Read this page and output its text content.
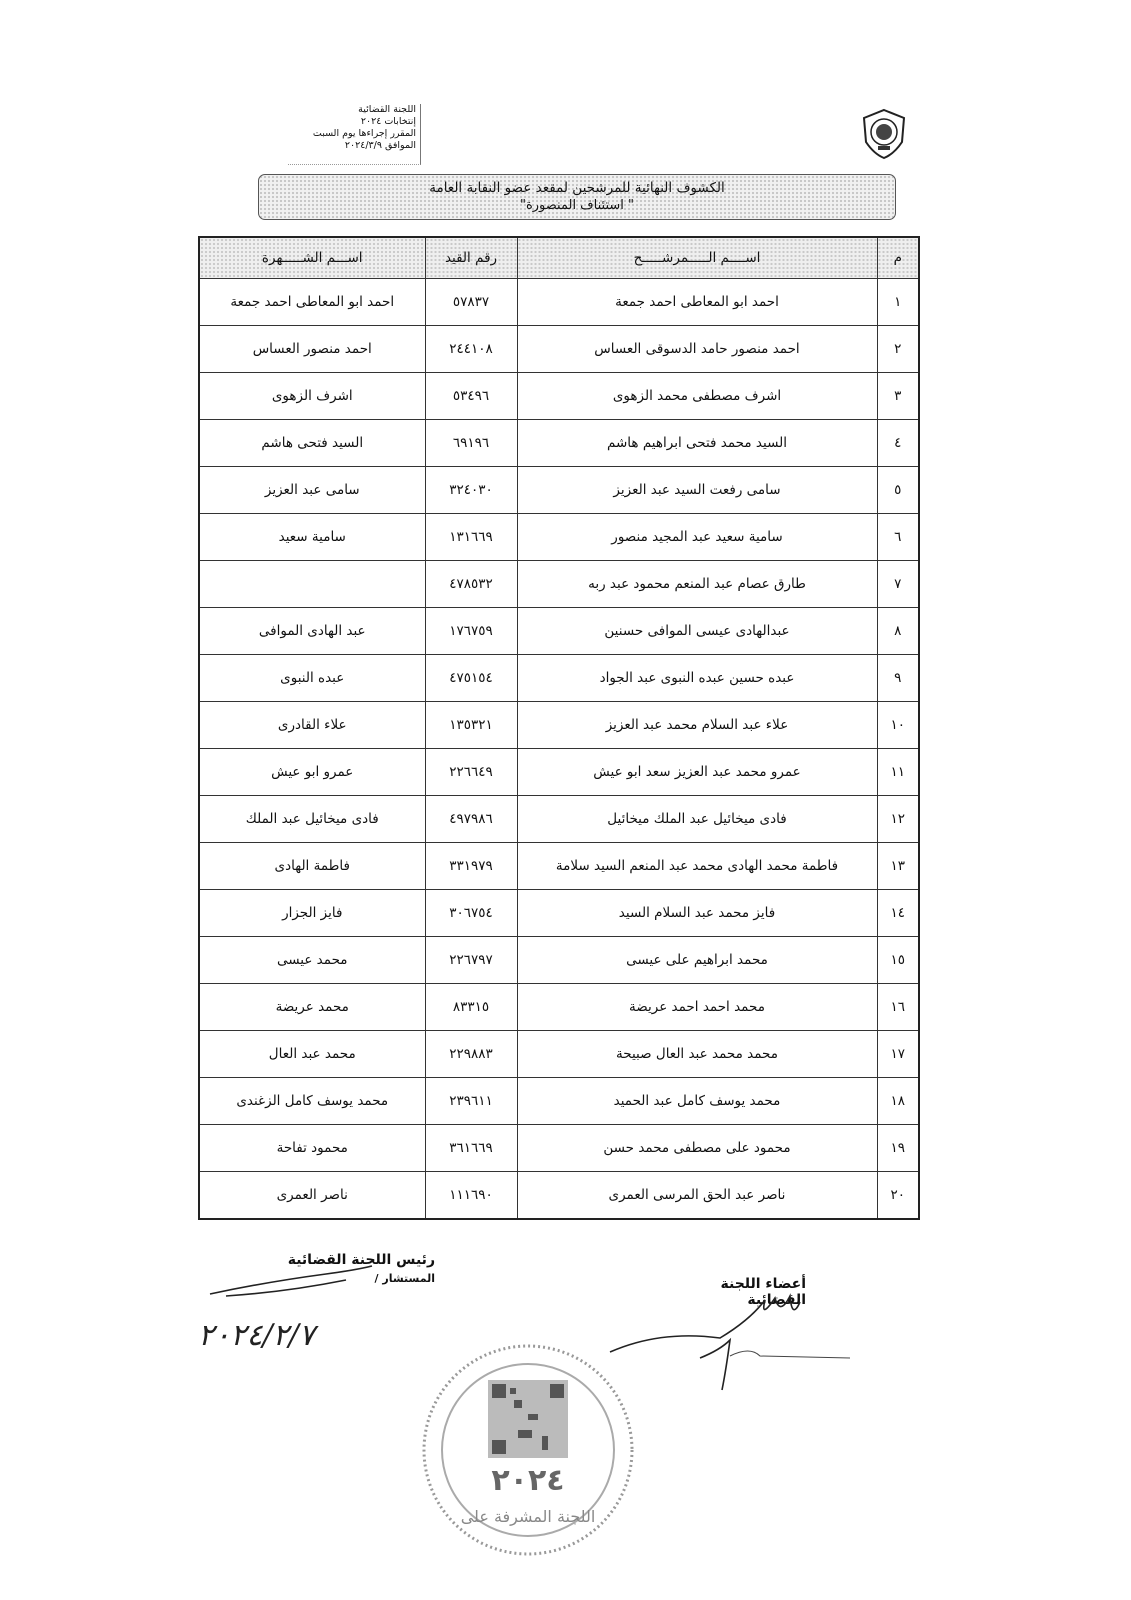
اللجنة القضائية
إنتخابات ٢٠٢٤
المقرر إجراءها يوم السبت
الموافق ٢٠٢٤/٣/٩
الكشوف النهائية للمرشحين لمقعد عضو النقابة العامة
" استئناف المنصورة"
م	اســــم الـــــمرشـــــح	رقم القيد	اســـم الشـــــهرة
١	احمد ابو المعاطى احمد جمعة	٥٧٨٣٧	احمد ابو المعاطى احمد جمعة
٢	احمد منصور حامد الدسوقى العساس	٢٤٤١٠٨	احمد منصور العساس
٣	اشرف مصطفى محمد الزهوى	٥٣٤٩٦	اشرف الزهوى
٤	السيد محمد فتحى ابراهيم هاشم	٦٩١٩٦	السيد فتحى هاشم
٥	سامى رفعت السيد عبد العزيز	٣٢٤٠٣٠	سامى عبد العزيز
٦	سامية سعيد عبد المجيد منصور	١٣١٦٦٩	سامية سعيد
٧	طارق عصام عبد المنعم محمود عبد ربه	٤٧٨٥٣٢	
٨	عبدالهادى عيسى الموافى حسنين	١٧٦٧٥٩	عبد الهادى الموافى
٩	عبده حسين عبده النبوى عبد الجواد	٤٧٥١٥٤	عبده النبوى
١٠	علاء عبد السلام محمد عبد العزيز	١٣٥٣٢١	علاء القادرى
١١	عمرو محمد عبد العزيز سعد ابو عيش	٢٢٦٦٤٩	عمرو ابو عيش
١٢	فادى ميخائيل عبد الملك ميخائيل	٤٩٧٩٨٦	فادى ميخائيل عبد الملك
١٣	فاطمة محمد الهادى محمد عبد المنعم السيد سلامة	٣٣١٩٧٩	فاطمة الهادى
١٤	فايز محمد عبد السلام السيد	٣٠٦٧٥٤	فايز الجزار
١٥	محمد ابراهيم على عيسى	٢٢٦٧٩٧	محمد عيسى
١٦	محمد احمد احمد عريضة	٨٣٣١٥	محمد عريضة
١٧	محمد محمد عبد العال صبيحة	٢٢٩٨٨٣	محمد عبد العال
١٨	محمد يوسف كامل عبد الحميد	٢٣٩٦١١	محمد يوسف كامل الزغندى
١٩	محمود على مصطفى محمد حسن	٣٦١٦٦٩	محمود تفاحة
٢٠	ناصر عبد الحق المرسى العمرى	١١١٦٩٠	ناصر العمرى
رئيس اللجنة القضائية
المستشار /
٢٠٢٤/٢/٧
أعضاء اللجنة القضائية
٢٠٢٤
اللجنة المشرفة على
